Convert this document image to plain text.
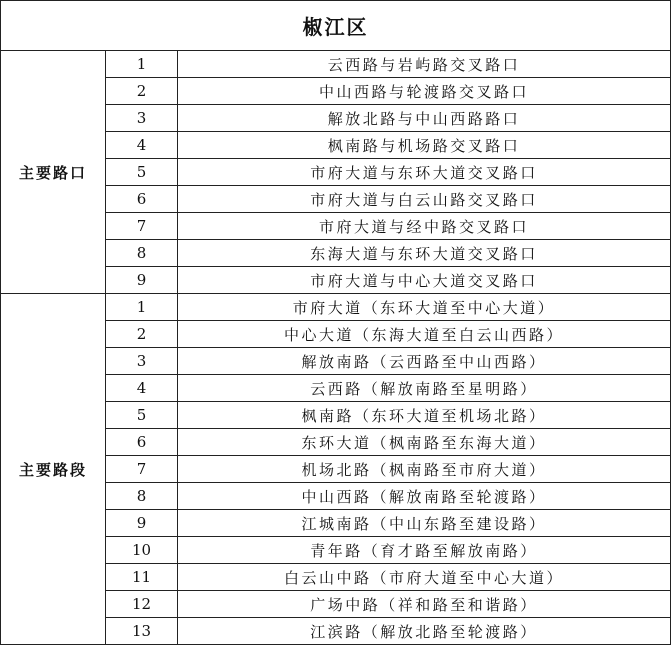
椒江区		
主要路口	1	云西路与岩屿路交叉路口
	2	中山西路与轮渡路交叉路口
	3	解放北路与中山西路路口
	4	枫南路与机场路交叉路口
	5	市府大道与东环大道交叉路口
	6	市府大道与白云山路交叉路口
	7	市府大道与经中路交叉路口
	8	东海大道与东环大道交叉路口
	9	市府大道与中心大道交叉路口
主要路段	1	市府大道（东环大道至中心大道）
	2	中心大道（东海大道至白云山西路）
	3	解放南路（云西路至中山西路）
	4	云西路（解放南路至星明路）
	5	枫南路（东环大道至机场北路）
	6	东环大道（枫南路至东海大道）
	7	机场北路（枫南路至市府大道）
	8	中山西路（解放南路至轮渡路）
	9	江城南路（中山东路至建设路）
	10	青年路（育才路至解放南路）
	11	白云山中路（市府大道至中心大道）
	12	广场中路（祥和路至和谐路）
	13	江滨路（解放北路至轮渡路）
